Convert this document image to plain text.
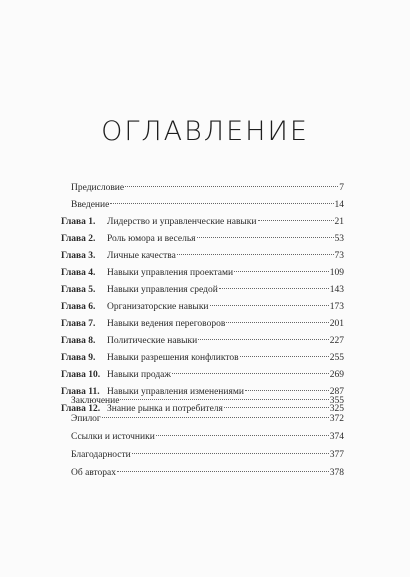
ОГЛАВЛЕНИЕ
Предисловие	7
Введение	14
Глава 1.	Лидерство и управленческие навыки	21
Глава 2.	Роль юмора и веселья	53
Глава 3.	Личные качества	73
Глава 4.	Навыки управления проектами	109
Глава 5.	Навыки управления средой	143
Глава 6.	Организаторские навыки	173
Глава 7.	Навыки ведения переговоров	201
Глава 8.	Политические навыки	227
Глава 9.	Навыки разрешения конфликтов	255
Глава 10. Навыки продаж	269
Глава 11. Навыки управления изменениями	287
Глава 12. Знание рынка и потребителя	325
Заключение	355
Эпилог	372
Ссылки и источники	374
Благодарности	377
Об авторах	378
